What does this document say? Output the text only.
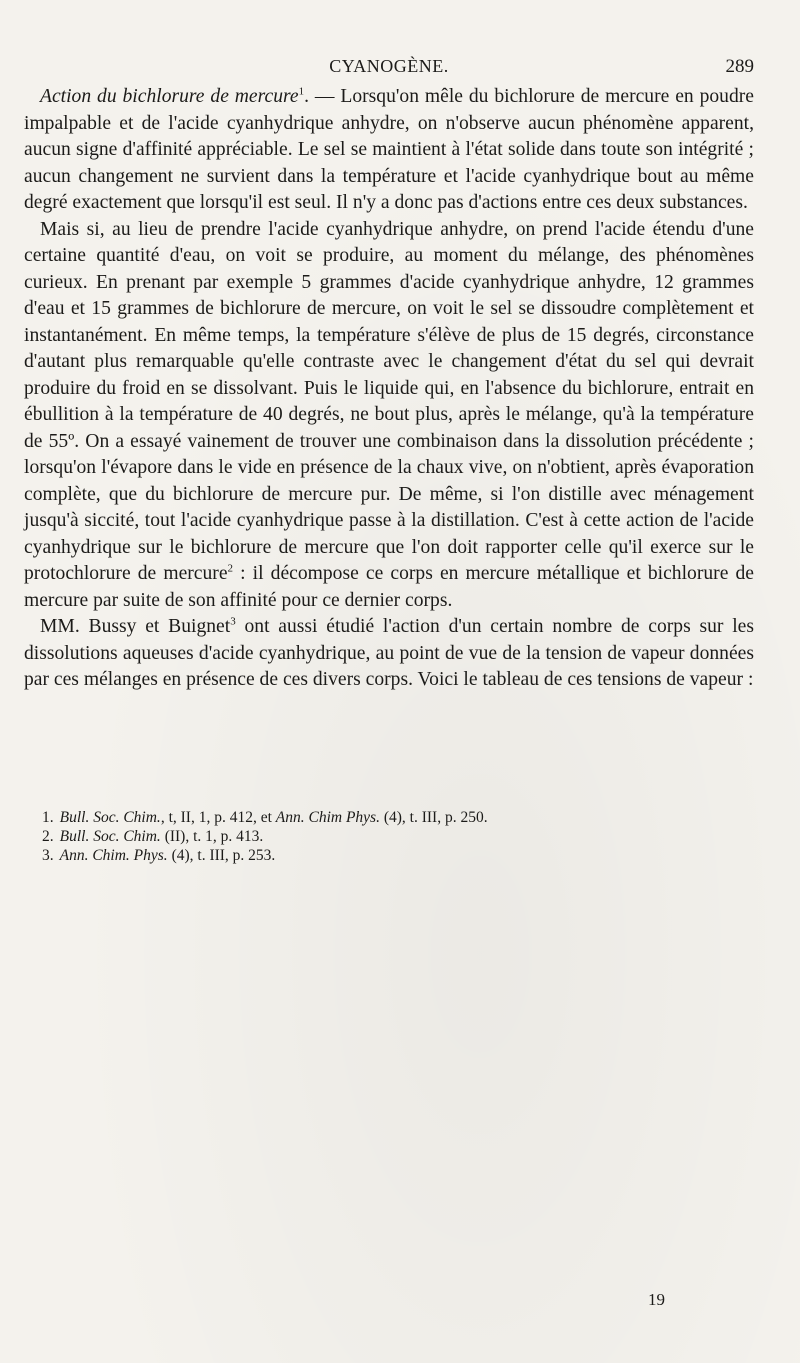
CYANOGÈNE.	289

Action du bichlorure de mercure$^1$. — Lorsqu'on mêle du bichlorure de mercure en poudre impalpable et de l'acide cyanhydrique anhydre, on n'observe aucun phénomène apparent, aucun signe d'affinité appréciable. Le sel se maintient à l'état solide dans toute son intégrité ; aucun changement ne survient dans la température et l'acide cyanhydrique bout au même degré exactement que lorsqu'il est seul. Il n'y a donc pas d'actions entre ces deux substances.

Mais si, au lieu de prendre l'acide cyanhydrique anhydre, on prend l'acide étendu d'une certaine quantité d'eau, on voit se produire, au moment du mélange, des phénomènes curieux. En prenant par exemple 5 grammes d'acide cyanhydrique anhydre, 12 grammes d'eau et 15 grammes de bichlorure de mercure, on voit le sel se dissoudre complètement et instantanément. En même temps, la température s'élève de plus de 15 degrés, circonstance d'autant plus remarquable qu'elle contraste avec le changement d'état du sel qui devrait produire du froid en se dissolvant. Puis le liquide qui, en l'absence du bichlorure, entrait en ébullition à la température de 40 degrés, ne bout plus, après le mélange, qu'à la température de 55º. On a essayé vainement de trouver une combinaison dans la dissolution précédente ; lorsqu'on l'évapore dans le vide en présence de la chaux vive, on n'obtient, après évaporation complète, que du bichlorure de mercure pur. De même, si l'on distille avec ménagement jusqu'à siccité, tout l'acide cyanhydrique passe à la distillation. C'est à cette action de l'acide cyanhydrique sur le bichlorure de mercure que l'on doit rapporter celle qu'il exerce sur le protochlorure de mercure$^2$ : il décompose ce corps en mercure métallique et bichlorure de mercure par suite de son affinité pour ce dernier corps.

MM. Bussy et Buignet$^3$ ont aussi étudié l'action d'un certain nombre de corps sur les dissolutions aqueuses d'acide cyanhydrique, au point de vue de la tension de vapeur données par ces mélanges en présence de ces divers corps. Voici le tableau de ces tensions de vapeur :

1. Bull. Soc. Chim., t, II, 1, p. 412, et Ann. Chim Phys. (4), t. III, p. 250.
2. Bull. Soc. Chim. (II), t. 1, p. 413.
3. Ann. Chim. Phys. (4), t. III, p. 253.
19
